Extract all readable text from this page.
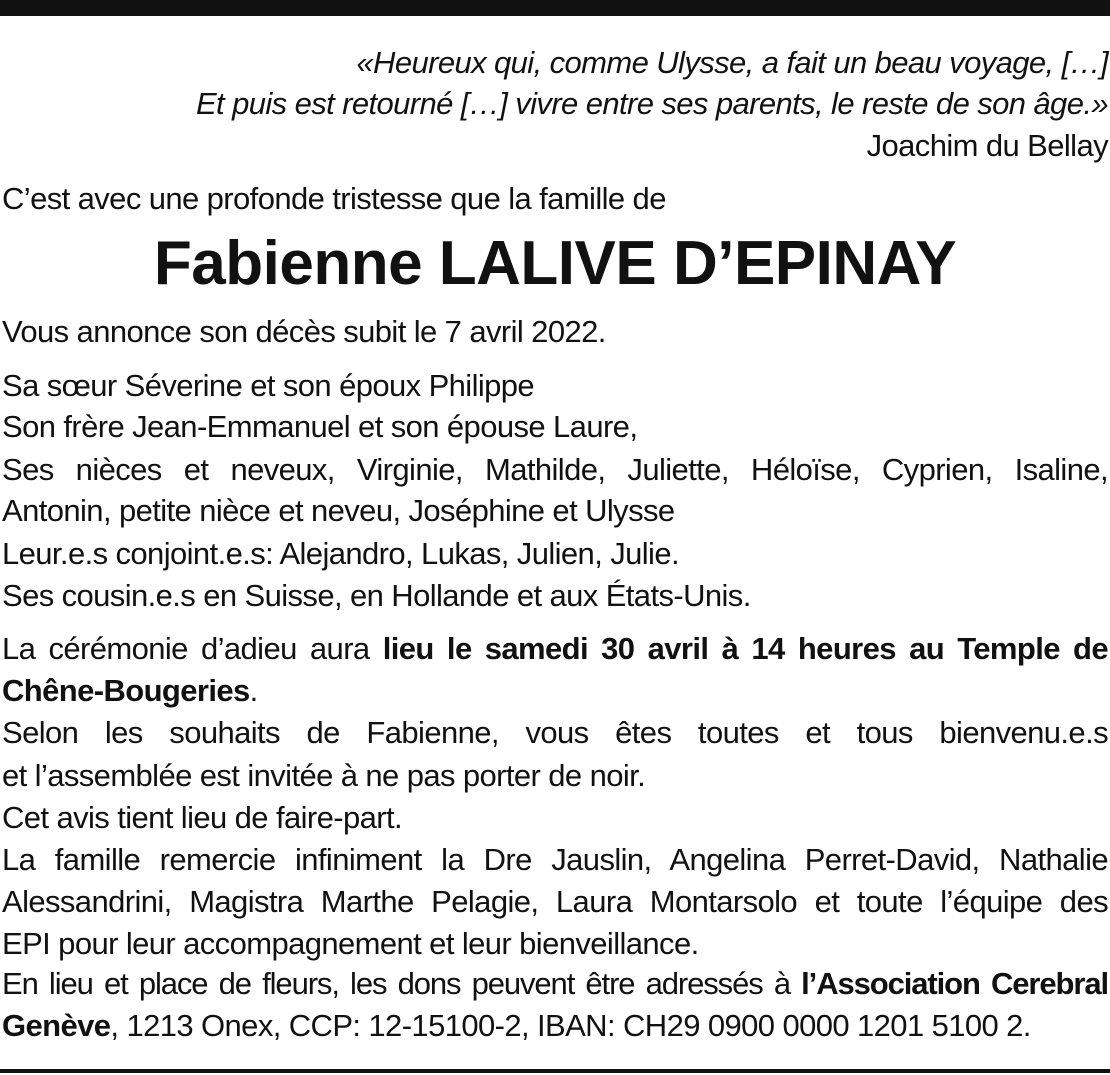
«Heureux qui, comme Ulysse, a fait un beau voyage, […]
Et puis est retourné […] vivre entre ses parents, le reste de son âge.»
Joachim du Bellay
C’est avec une profonde tristesse que la famille de
Fabienne LALIVE D’EPINAY
Vous annonce son décès subit le 7 avril 2022.
Sa sœur Séverine et son époux Philippe
Son frère Jean-Emmanuel et son épouse Laure,
Ses nièces et neveux, Virginie, Mathilde, Juliette, Héloïse, Cyprien, Isaline,
Antonin, petite nièce et neveu, Joséphine et Ulysse
Leur.e.s conjoint.e.s: Alejandro, Lukas, Julien, Julie.
Ses cousin.e.s en Suisse, en Hollande et aux États-Unis.
La cérémonie d’adieu aura lieu le samedi 30 avril à 14 heures au Temple de
Chêne-Bougeries.
Selon les souhaits de Fabienne, vous êtes toutes et tous bienvenu.e.s
et l’assemblée est invitée à ne pas porter de noir.
Cet avis tient lieu de faire-part.
La famille remercie infiniment la Dre Jauslin, Angelina Perret-David, Nathalie
Alessandrini, Magistra Marthe Pelagie, Laura Montarsolo et toute l’équipe des
EPI pour leur accompagnement et leur bienveillance.
En lieu et place de fleurs, les dons peuvent être adressés à l’Association Cerebral
Genève, 1213 Onex, CCP: 12-15100-2, IBAN: CH29 0900 0000 1201 5100 2.
